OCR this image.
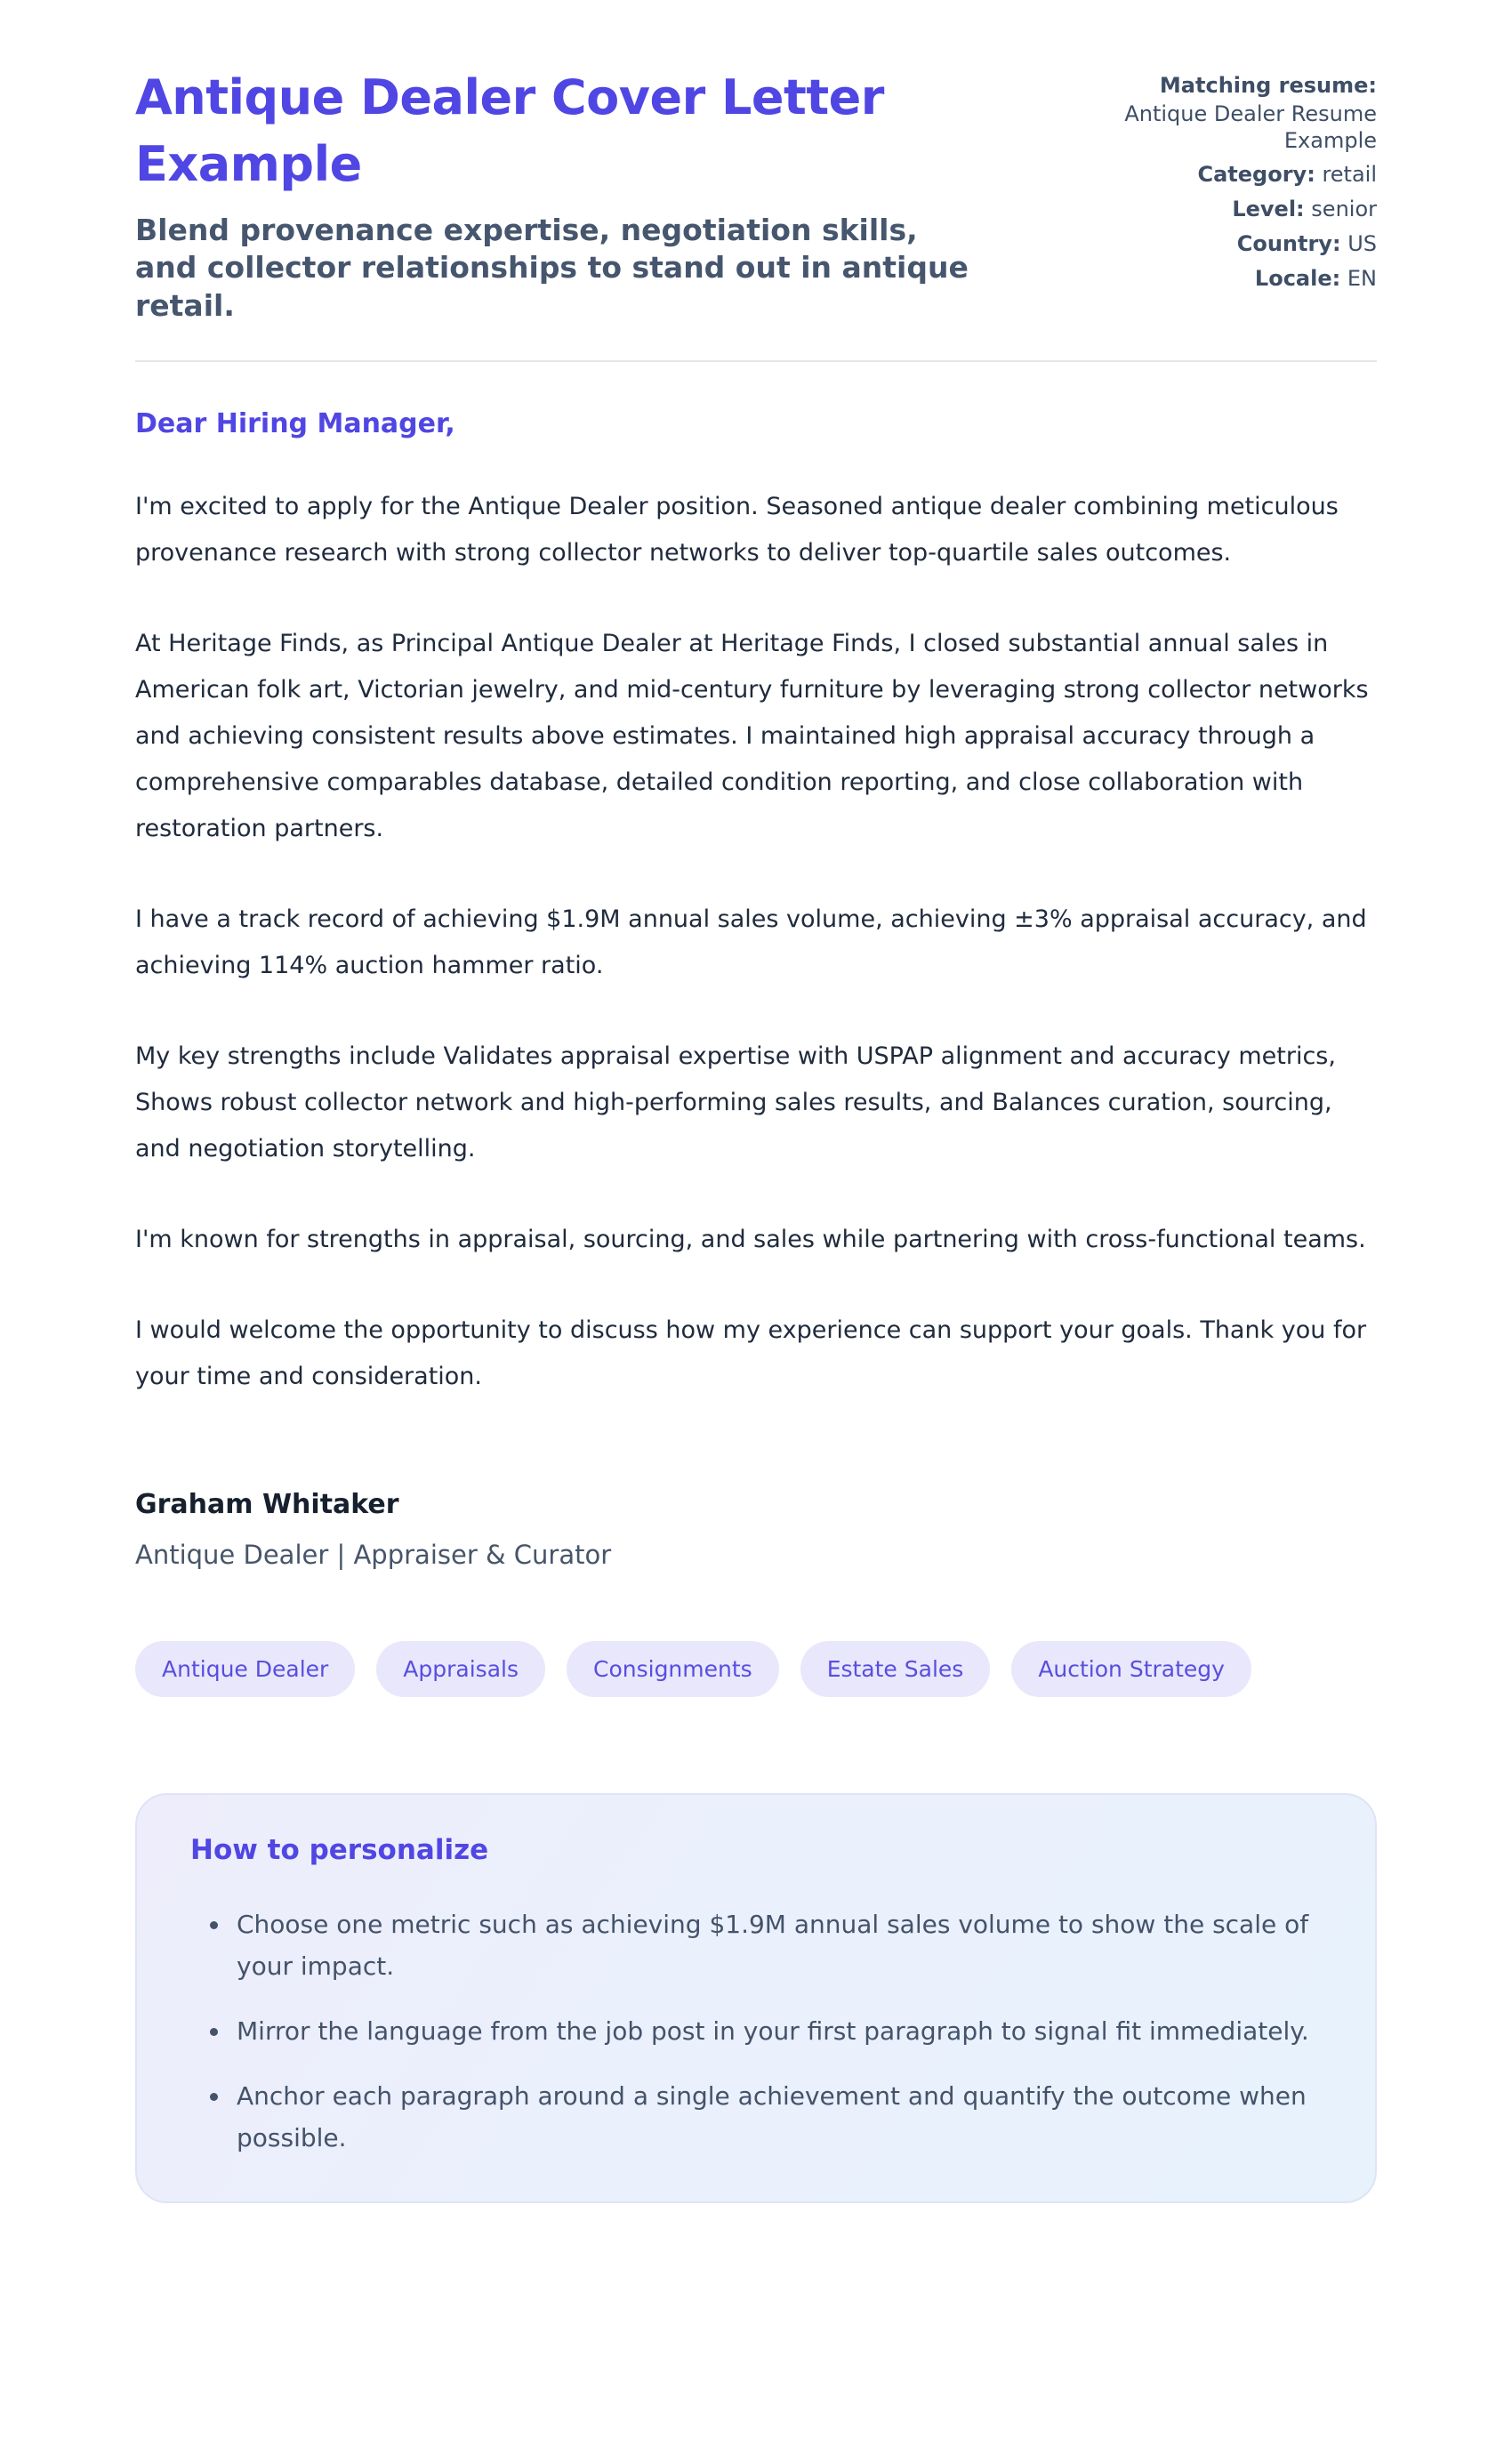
Antique Dealer Cover Letter Example

Blend provenance expertise, negotiation skills, and collector relationships to stand out in antique retail.

Matching resume:
Antique Dealer Resume Example
Category: retail
Level: senior
Country: US
Locale: EN

Dear Hiring Manager,

I'm excited to apply for the Antique Dealer position. Seasoned antique dealer combining meticulous provenance research with strong collector networks to deliver top-quartile sales outcomes.

At Heritage Finds, as Principal Antique Dealer at Heritage Finds, I closed substantial annual sales in American folk art, Victorian jewelry, and mid-century furniture by leveraging strong collector networks and achieving consistent results above estimates. I maintained high appraisal accuracy through a comprehensive comparables database, detailed condition reporting, and close collaboration with restoration partners.

I have a track record of achieving $1.9M annual sales volume, achieving ±3% appraisal accuracy, and achieving 114% auction hammer ratio.

My key strengths include Validates appraisal expertise with USPAP alignment and accuracy metrics, Shows robust collector network and high-performing sales results, and Balances curation, sourcing, and negotiation storytelling.

I'm known for strengths in appraisal, sourcing, and sales while partnering with cross-functional teams.

I would welcome the opportunity to discuss how my experience can support your goals. Thank you for your time and consideration.

Graham Whitaker

Antique Dealer | Appraiser & Curator

Antique Dealer	Appraisals	Consignments	Estate Sales	Auction Strategy
How to personalize
• Choose one metric such as achieving $1.9M annual sales volume to show the scale of your impact.
• Mirror the language from the job post in your first paragraph to signal fit immediately.
• Anchor each paragraph around a single achievement and quantify the outcome when possible.
